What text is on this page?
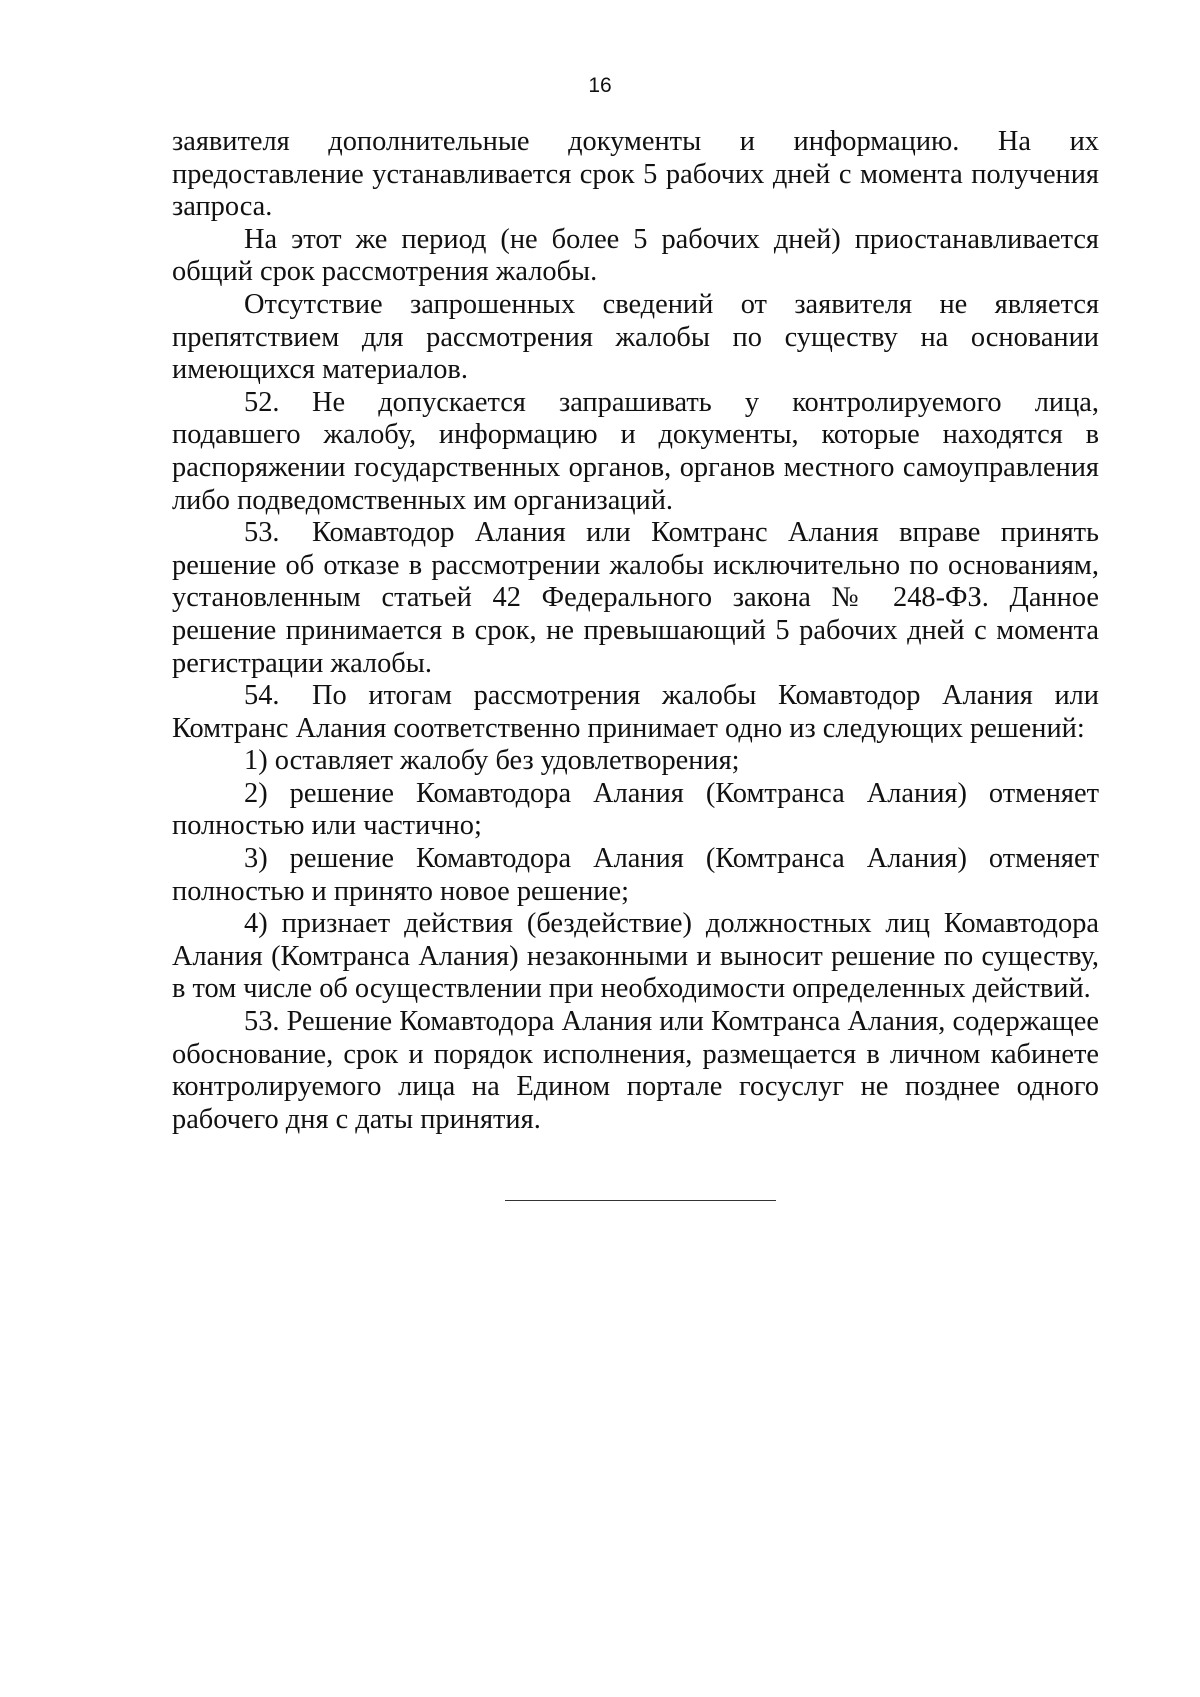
16

заявителя дополнительные документы и информацию. На их предоставление устанавливается срок 5 рабочих дней с момента получения запроса.

На этот же период (не более 5 рабочих дней) приостанавливается общий срок рассмотрения жалобы.

Отсутствие запрошенных сведений от заявителя не является препятствием для рассмотрения жалобы по существу на основании имеющихся материалов.

52. Не допускается запрашивать у контролируемого лица, подавшего жалобу, информацию и документы, которые находятся в распоряжении государственных органов, органов местного самоуправления либо подведомственных им организаций.

53. Комавтодор Алания или Комтранс Алания вправе принять решение об отказе в рассмотрении жалобы исключительно по основаниям, установленным статьей 42 Федерального закона № 248-ФЗ. Данное решение принимается в срок, не превышающий 5 рабочих дней с момента регистрации жалобы.

54. По итогам рассмотрения жалобы Комавтодор Алания или Комтранс Алания соответственно принимает одно из следующих решений:

1) оставляет жалобу без удовлетворения;

2) решение Комавтодора Алания (Комтранса Алания) отменяет полностью или частично;

3) решение Комавтодора Алания (Комтранса Алания) отменяет полностью и принято новое решение;

4) признает действия (бездействие) должностных лиц Комавтодора Алания (Комтранса Алания) незаконными и выносит решение по существу, в том числе об осуществлении при необходимости определенных действий.

53. Решение Комавтодора Алания или Комтранса Алания, содержащее обоснование, срок и порядок исполнения, размещается в личном кабинете контролируемого лица на Едином портале госуслуг не позднее одного рабочего дня с даты принятия.
